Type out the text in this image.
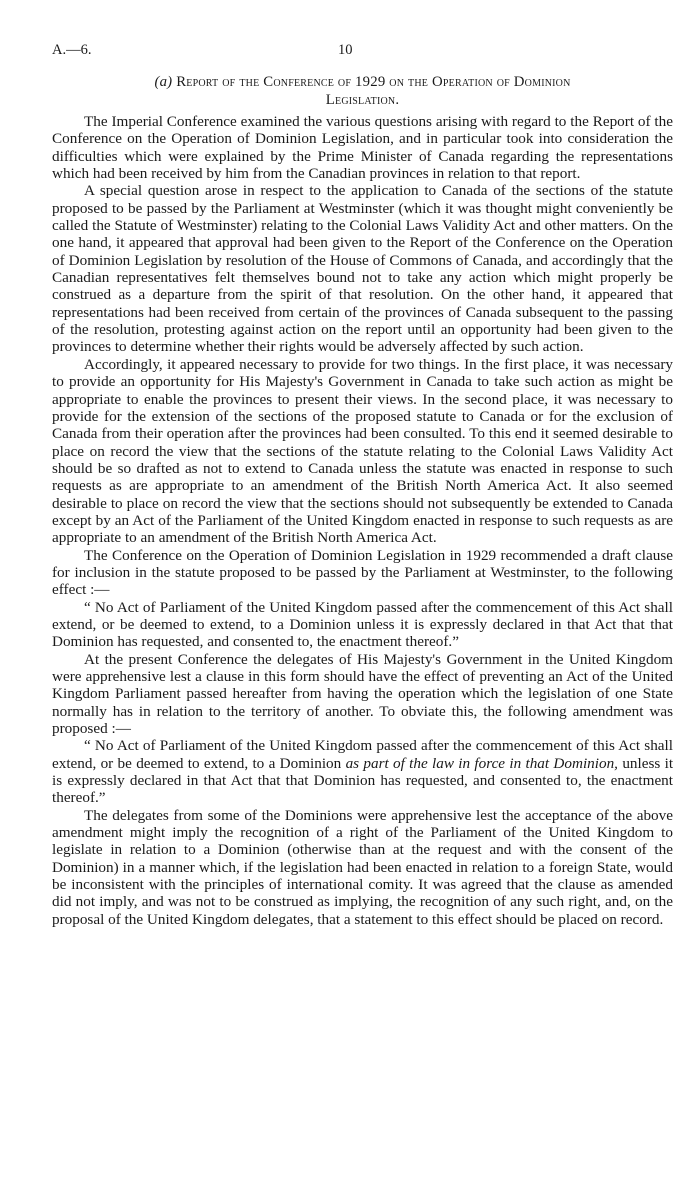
A.—6.	10
(a) Report of the Conference of 1929 on the Operation of Dominion
Legislation.

The Imperial Conference examined the various questions arising with regard to the Report of the Conference on the Operation of Dominion Legislation, and in particular took into consideration the difficulties which were explained by the Prime Minister of Canada regarding the representations which had been received by him from the Canadian provinces in relation to that report.

A special question arose in respect to the application to Canada of the sections of the statute proposed to be passed by the Parliament at Westminster (which it was thought might conveniently be called the Statute of Westminster) relating to the Colonial Laws Validity Act and other matters. On the one hand, it appeared that approval had been given to the Report of the Conference on the Operation of Dominion Legislation by resolution of the House of Commons of Canada, and accordingly that the Canadian representatives felt themselves bound not to take any action which might properly be construed as a departure from the spirit of that resolution. On the other hand, it appeared that representations had been received from certain of the provinces of Canada subsequent to the passing of the resolution, protesting against action on the report until an opportunity had been given to the provinces to determine whether their rights would be adversely affected by such action.

Accordingly, it appeared necessary to provide for two things. In the first place, it was necessary to provide an opportunity for His Majesty's Government in Canada to take such action as might be appropriate to enable the provinces to present their views. In the second place, it was necessary to provide for the extension of the sections of the proposed statute to Canada or for the exclusion of Canada from their operation after the provinces had been consulted. To this end it seemed desirable to place on record the view that the sections of the statute relating to the Colonial Laws Validity Act should be so drafted as not to extend to Canada unless the statute was enacted in response to such requests as are appropriate to an amendment of the British North America Act. It also seemed desirable to place on record the view that the sections should not subsequently be extended to Canada except by an Act of the Parliament of the United Kingdom enacted in response to such requests as are appropriate to an amendment of the British North America Act.

The Conference on the Operation of Dominion Legislation in 1929 recommended a draft clause for inclusion in the statute proposed to be passed by the Parliament at Westminster, to the following effect :—

“ No Act of Parliament of the United Kingdom passed after the commencement of this Act shall extend, or be deemed to extend, to a Dominion unless it is expressly declared in that Act that that Dominion has requested, and consented to, the enactment thereof.”

At the present Conference the delegates of His Majesty's Government in the United Kingdom were apprehensive lest a clause in this form should have the effect of preventing an Act of the United Kingdom Parliament passed hereafter from having the operation which the legislation of one State normally has in relation to the territory of another. To obviate this, the following amendment was proposed :—

“ No Act of Parliament of the United Kingdom passed after the commencement of this Act shall extend, or be deemed to extend, to a Dominion as part of the law in force in that Dominion, unless it is expressly declared in that Act that that Dominion has requested, and consented to, the enactment thereof.”

The delegates from some of the Dominions were apprehensive lest the acceptance of the above amendment might imply the recognition of a right of the Parliament of the United Kingdom to legislate in relation to a Dominion (otherwise than at the request and with the consent of the Dominion) in a manner which, if the legislation had been enacted in relation to a foreign State, would be inconsistent with the principles of international comity. It was agreed that the clause as amended did not imply, and was not to be construed as implying, the recognition of any such right, and, on the proposal of the United Kingdom delegates, that a statement to this effect should be placed on record.
